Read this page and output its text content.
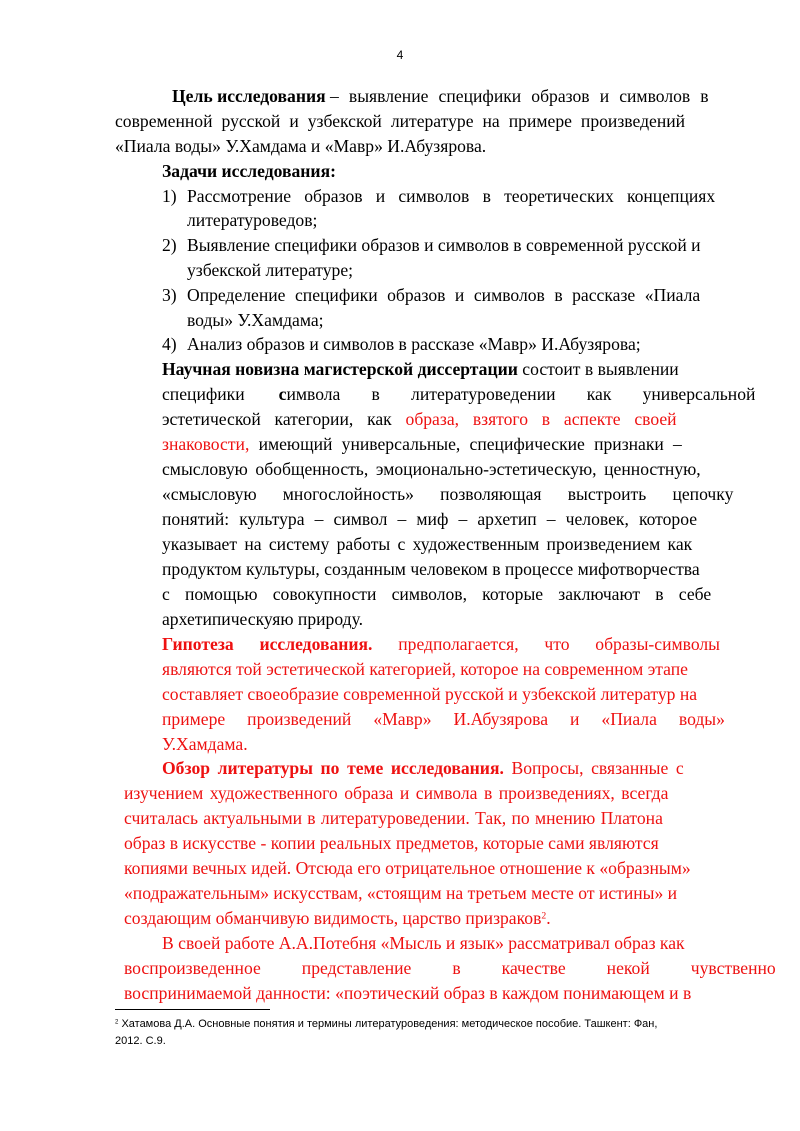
4
Цель исследования – выявление специфики образов и символов в
современной русской и узбекской литературе на примере произведений
«Пиала воды» У.Хамдама и «Мавр» И.Абузярова.
Задачи исследования:
1) Рассмотрение образов и символов в теоретических концепциях
литературоведов;
2) Выявление специфики образов и символов в современной русской и
узбекской литературе;
3) Определение специфики образов и символов в рассказе «Пиала
воды» У.Хамдама;
4) Анализ образов и символов в рассказе «Мавр» И.Абузярова;
Научная новизна магистерской диссертации состоит в выявлении
специфики символа в литературоведении как универсальной
эстетической категории, как образа, взятого в аспекте своей
знаковости, имеющий универсальные, специфические признаки –
смысловую обобщенность, эмоционально-эстетическую, ценностную,
«смысловую многослойность» позволяющая выстроить цепочку
понятий: культура – символ – миф – архетип – человек, которое
указывает на систему работы с художественным произведением как
продуктом культуры, созданным человеком в процессе мифотворчества
с помощью совокупности символов, которые заключают в себе
архетипическуяю природу.
Гипотеза исследования. предполагается, что образы-символы
являются той эстетической категорией, которое на современном этапе
составляет своеобразие современной русской и узбекской литератур на
примере произведений «Мавр» И.Абузярова и «Пиала воды»
У.Хамдама.
Обзор литературы по теме исследования. Вопросы, связанные с
изучением художественного образа и символа в произведениях, всегда
считалась актуальными в литературоведении. Так, по мнению Платона
образ в искусстве - копии реальных предметов, которые сами являются
копиями вечных идей. Отсюда его отрицательное отношение к «образным»
«подражательным» искусствам, «стоящим на третьем месте от истины» и
создающим обманчивую видимость, царство призраков$^2$.
В своей работе А.А.Потебня «Мысль и язык» рассматривал образ как
воспроизведенное представление в качестве некой чувственно
воспринимаемой данности: «поэтический образ в каждом понимающем и в
$^2$ Хатамова Д.А. Основные понятия и термины литературоведения: методическое пособие. Ташкент: Фан,
2012. С.9.
